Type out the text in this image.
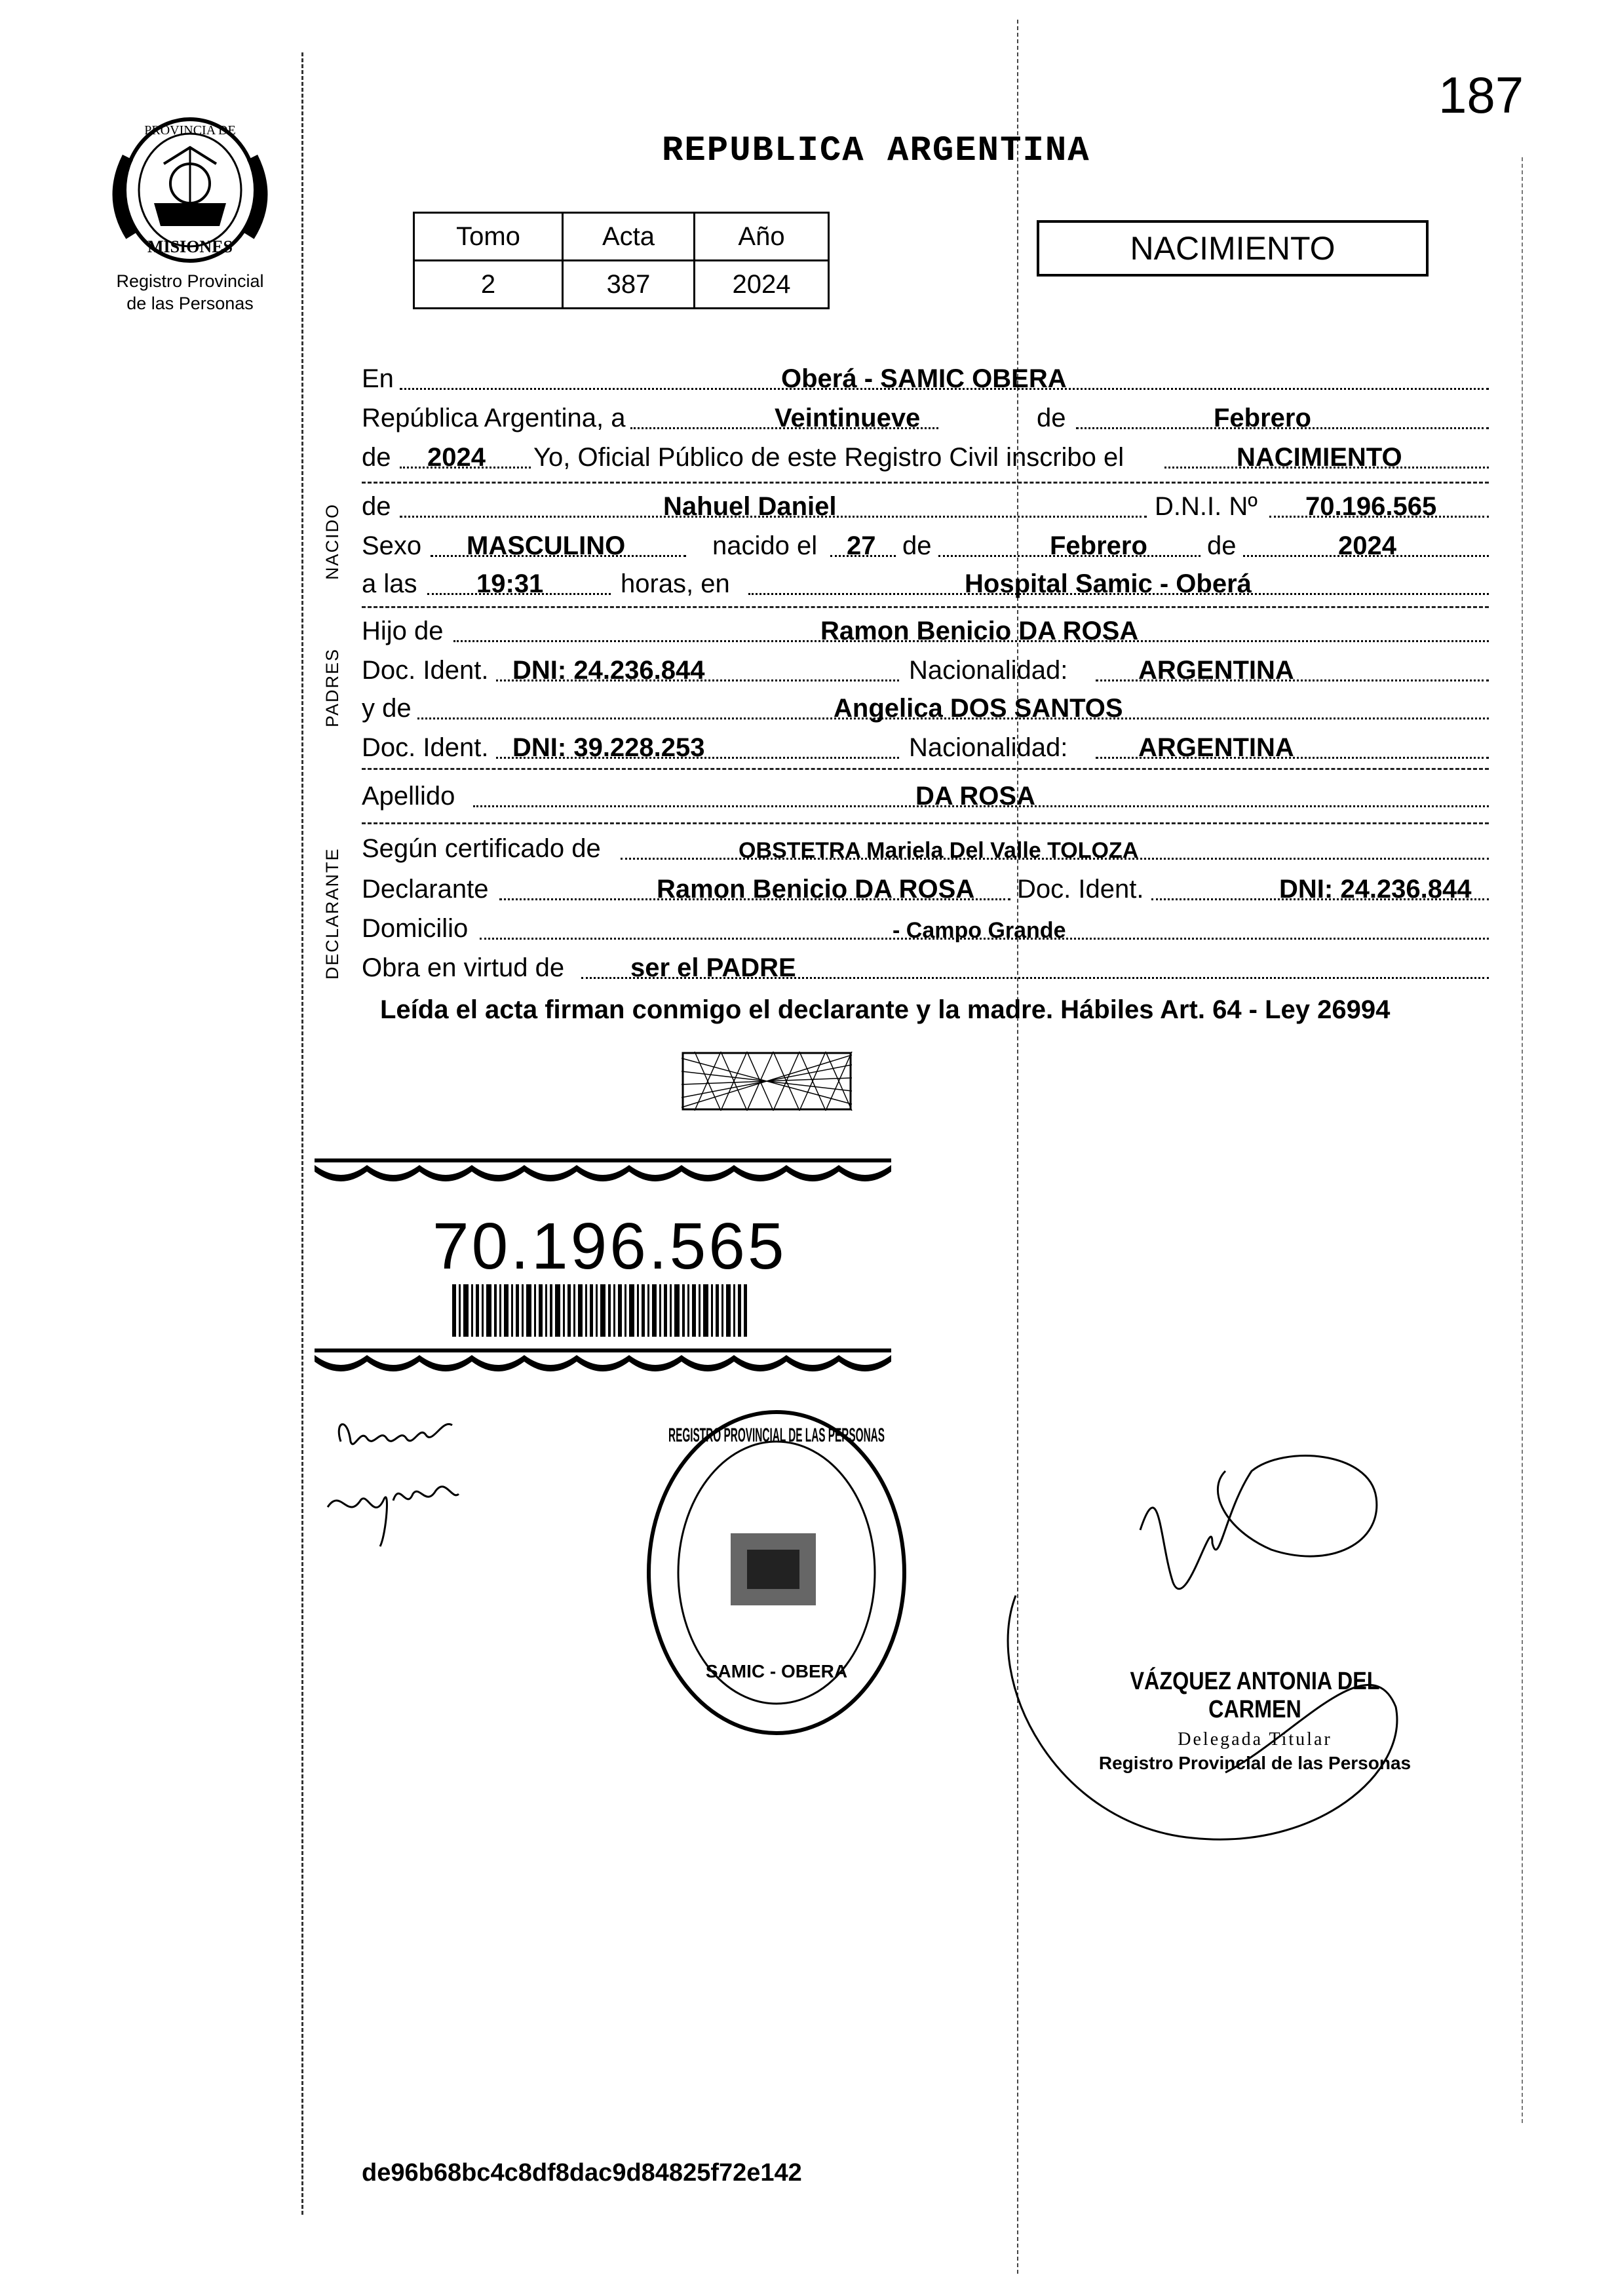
187
PROVINCIA DE
MISIONES
Registro Provincial
de las Personas
REPUBLICA ARGENTINA
Tomo	Acta	Año
2	387	2024
NACIMIENTO
En	Oberá - SAMIC OBERA
República Argentina, a	Veintinueve	de	Febrero
de 2024 Yo, Oficial Público de este Registro Civil inscribo el	NACIMIENTO
NACIDO de	Nahuel Daniel	D.N.I. Nº 70.196.565
Sexo MASCULINO	nacido el 27 de	Febrero de	2024
a las 19:31	horas, en	Hospital Samic - Oberá
PADRES
Hijo de	Ramon Benicio DA ROSA
Doc. Ident. DNI: 24.236.844	Nacionalidad:	ARGENTINA
y de	Angelica DOS SANTOS
Doc. Ident. DNI: 39.228.253	Nacionalidad:	ARGENTINA
Apellido	DA ROSA
DECLARANTE Según certificado de	OBSTETRA Mariela Del Valle TOLOZA
Declarante	Ramon Benicio DA ROSA Doc. Ident.	DNI: 24.236.844
Domicilio	- Campo Grande
Obra en virtud de	ser el PADRE
Leída el acta firman conmigo el declarante y la madre. Hábiles Art. 64 - Ley 26994
70.196.565
REGISTRO PROVINCIAL DE LAS PERSONAS
SAMIC - OBERA	VÁZQUEZ ANTONIA DEL CARMEN
Delegada Titular
Registro Provincial de las Personas
de96b68bc4c8df8dac9d84825f72e142
